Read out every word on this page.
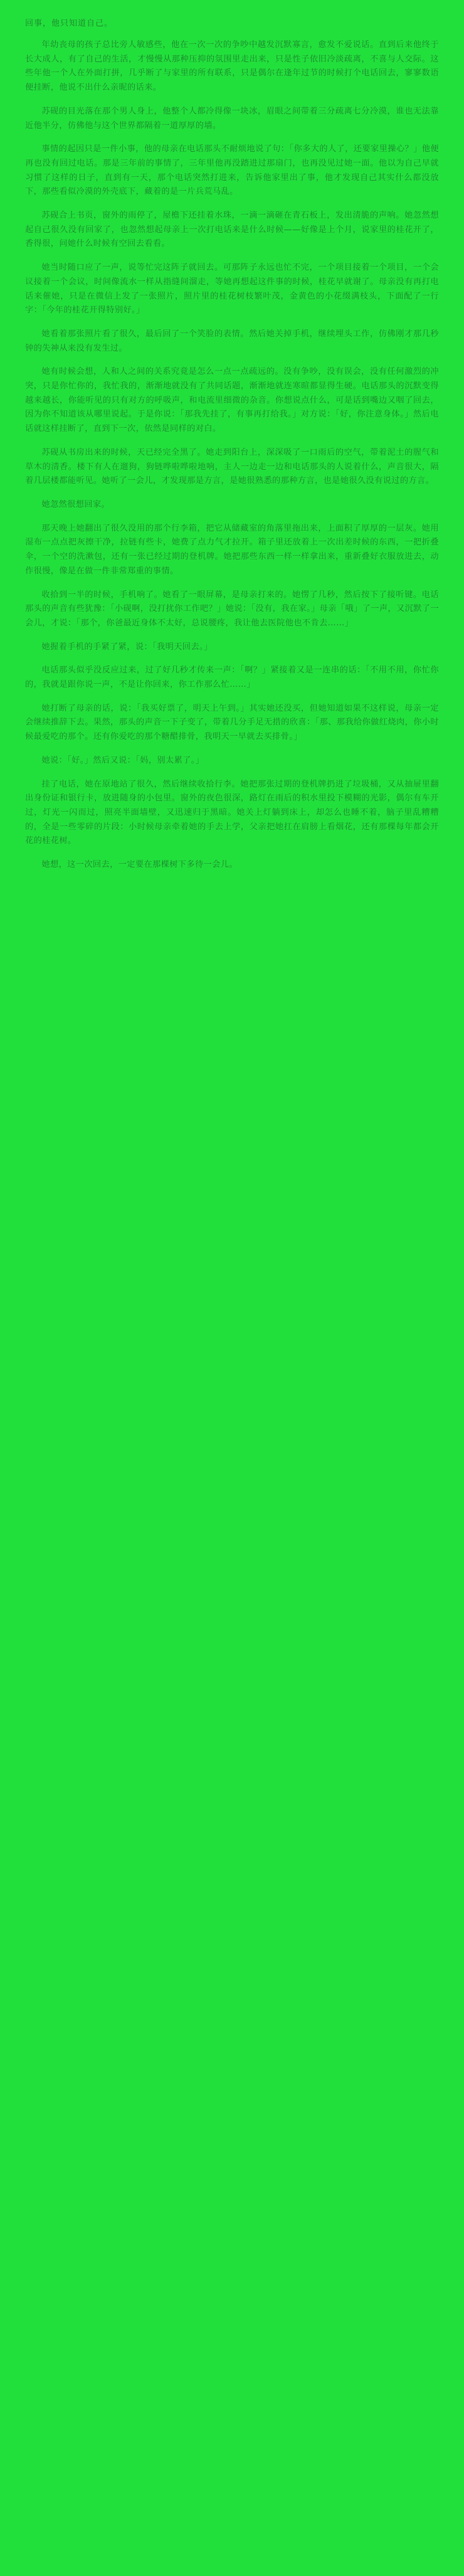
回事，他只知道自己。

年幼丧母的孩子总比旁人敏感些，他在一次一次的争吵中越发沉默寡言，愈发不爱说话。直到后来他终于长大成人，有了自己的生活，才慢慢从那种压抑的氛围里走出来，只是性子依旧冷淡疏离，不喜与人交际。这些年他一个人在外面打拼，几乎断了与家里的所有联系，只是偶尔在逢年过节的时候打个电话回去，寥寥数语便挂断，他说不出什么亲昵的话来。

苏砚的目光落在那个男人身上，他整个人都冷得像一块冰，眉眼之间带着三分疏离七分冷漠，谁也无法靠近他半分，仿佛他与这个世界都隔着一道厚厚的墙。

事情的起因只是一件小事，他的母亲在电话那头不耐烦地说了句：「你多大的人了，还要家里操心？」他便再也没有回过电话。那是三年前的事情了，三年里他再没踏进过那扇门，也再没见过她一面。他以为自己早就习惯了这样的日子，直到有一天，那个电话突然打进来，告诉他家里出了事，他才发现自己其实什么都没放下，那些看似冷漠的外壳底下，藏着的是一片兵荒马乱。

苏砚合上书页，窗外的雨停了，屋檐下还挂着水珠，一滴一滴砸在青石板上，发出清脆的声响。她忽然想起自己很久没有回家了，也忽然想起母亲上一次打电话来是什么时候——好像是上个月，说家里的桂花开了，香得很，问她什么时候有空回去看看。

她当时随口应了一声，说等忙完这阵子就回去。可那阵子永远也忙不完，一个项目接着一个项目，一个会议接着一个会议，时间像流水一样从指缝间溜走，等她再想起这件事的时候，桂花早就谢了。母亲没有再打电话来催她，只是在微信上发了一张照片，照片里的桂花树枝繁叶茂，金黄色的小花缀满枝头，下面配了一行字：「今年的桂花开得特别好。」

她看着那张照片看了很久，最后回了一个笑脸的表情。然后她关掉手机，继续埋头工作，仿佛刚才那几秒钟的失神从来没有发生过。

她有时候会想，人和人之间的关系究竟是怎么一点一点疏远的。没有争吵，没有误会，没有任何激烈的冲突，只是你忙你的，我忙我的，渐渐地就没有了共同话题，渐渐地就连寒暄都显得生硬。电话那头的沉默变得越来越长，你能听见的只有对方的呼吸声，和电流里细微的杂音。你想说点什么，可是话到嘴边又咽了回去，因为你不知道该从哪里说起。于是你说：「那我先挂了，有事再打给我。」对方说：「好，你注意身体。」然后电话就这样挂断了，直到下一次，依然是同样的对白。

苏砚从书房出来的时候，天已经完全黑了。她走到阳台上，深深吸了一口雨后的空气，带着泥土的腥气和草木的清香。楼下有人在遛狗，狗链哗啦哗啦地响，主人一边走一边和电话那头的人说着什么，声音很大，隔着几层楼都能听见。她听了一会儿，才发现那是方言，是她很熟悉的那种方言，也是她很久没有说过的方言。

她忽然很想回家。

那天晚上她翻出了很久没用的那个行李箱，把它从储藏室的角落里拖出来，上面积了厚厚的一层灰。她用湿布一点点把灰擦干净，拉链有些卡，她费了点力气才拉开。箱子里还放着上一次出差时候的东西，一把折叠伞，一个空的洗漱包，还有一张已经过期的登机牌。她把那些东西一样一样拿出来，重新叠好衣服放进去，动作很慢，像是在做一件非常郑重的事情。

收拾到一半的时候，手机响了。她看了一眼屏幕，是母亲打来的。她愣了几秒，然后按下了接听键。电话那头的声音有些犹豫：「小砚啊，没打扰你工作吧？」她说：「没有，我在家。」母亲「哦」了一声，又沉默了一会儿，才说：「那个，你爸最近身体不太好，总说腰疼，我让他去医院他也不肯去……」

她握着手机的手紧了紧，说：「我明天回去。」

电话那头似乎没反应过来，过了好几秒才传来一声：「啊？」紧接着又是一连串的话：「不用不用，你忙你的，我就是跟你说一声，不是让你回来，你工作那么忙……」

她打断了母亲的话，说：「我买好票了，明天上午到。」其实她还没买，但她知道如果不这样说，母亲一定会继续推辞下去。果然，那头的声音一下子变了，带着几分手足无措的欣喜：「那、那我给你做红烧肉，你小时候最爱吃的那个。还有你爱吃的那个糖醋排骨，我明天一早就去买排骨。」

她说：「好。」然后又说：「妈，别太累了。」

挂了电话，她在原地站了很久，然后继续收拾行李。她把那张过期的登机牌扔进了垃圾桶，又从抽屉里翻出身份证和银行卡，放进随身的小包里。窗外的夜色很深，路灯在雨后的积水里投下模糊的光影，偶尔有车开过，灯光一闪而过，照亮半面墙壁，又迅速归于黑暗。她关上灯躺到床上，却怎么也睡不着，脑子里乱糟糟的，全是一些零碎的片段：小时候母亲牵着她的手去上学，父亲把她扛在肩膀上看烟花，还有那棵每年都会开花的桂花树。

她想，这一次回去，一定要在那棵树下多待一会儿。
